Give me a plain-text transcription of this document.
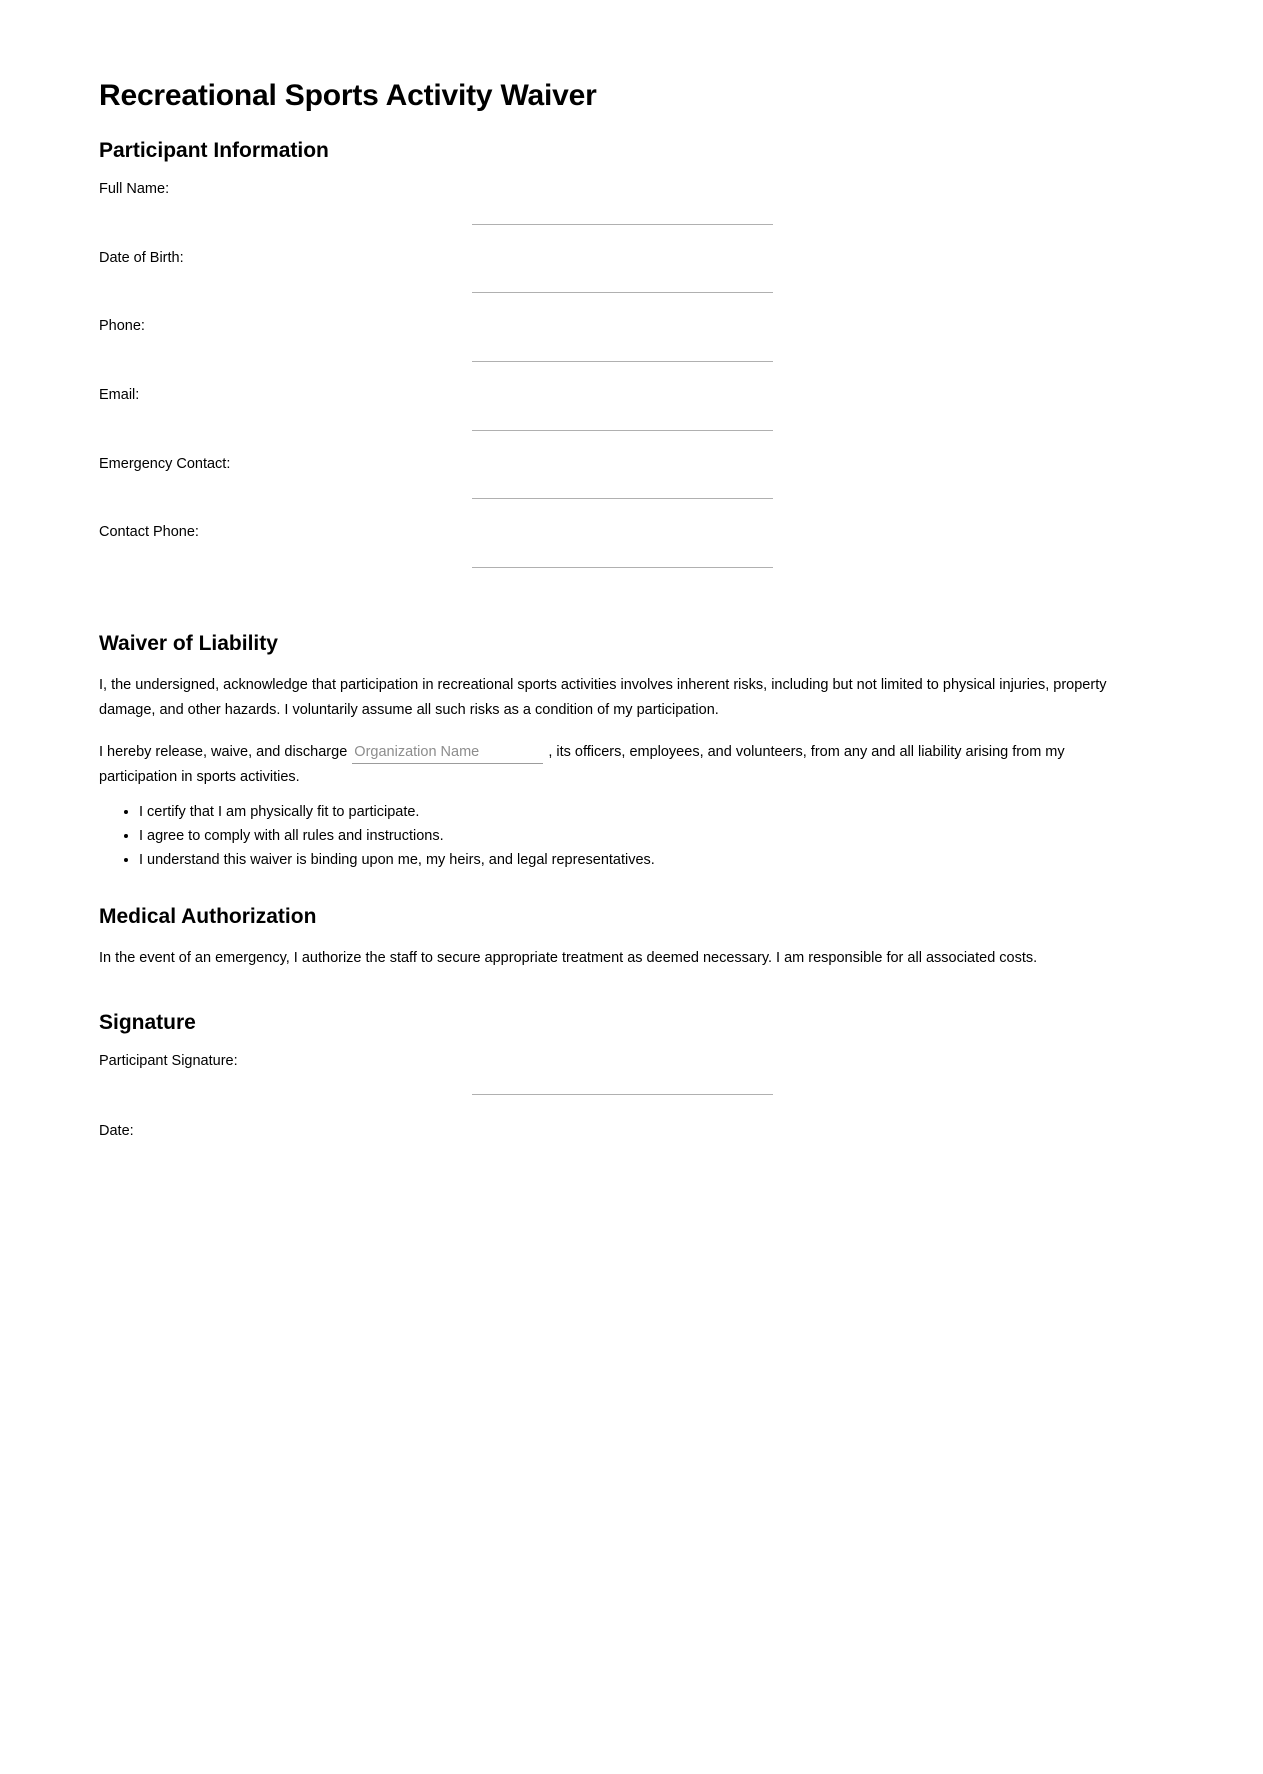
Recreational Sports Activity Waiver
Participant Information
Full Name:
Date of Birth:
Phone:
Email:
Emergency Contact:
Contact Phone:
Waiver of Liability

I, the undersigned, acknowledge that participation in recreational sports activities involves inherent risks, including but not limited to physical injuries, property damage, and other hazards. I voluntarily assume all such risks as a condition of my participation.

I hereby release, waive, and discharge Organization Name	, its officers, employees, and volunteers, from any and all liability arising from my participation in sports activities.

• I certify that I am physically fit to participate.
• I agree to comply with all rules and instructions.
• I understand this waiver is binding upon me, my heirs, and legal representatives.
Medical Authorization

In the event of an emergency, I authorize the staff to secure appropriate treatment as deemed necessary. I am responsible for all associated costs.

Signature
Participant Signature:
Date:
